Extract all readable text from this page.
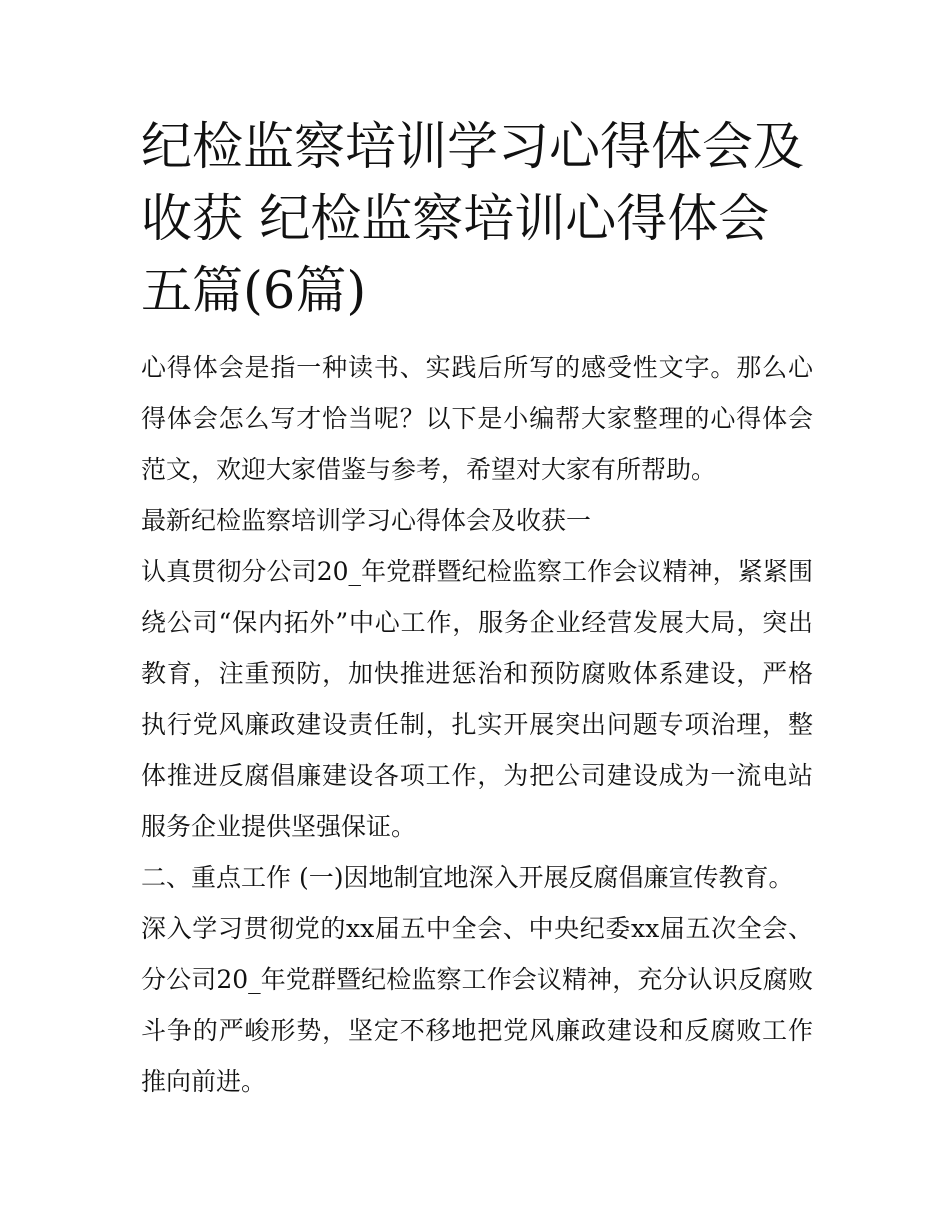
纪检监察培训学习心得体会及收获 纪检监察培训心得体会五篇(6篇)

心得体会是指一种读书、实践后所写的感受性文字。那么心得体会怎么写才恰当呢？以下是小编帮大家整理的心得体会范文，欢迎大家借鉴与参考，希望对大家有所帮助。

最新纪检监察培训学习心得体会及收获一

认真贯彻分公司20_年党群暨纪检监察工作会议精神，紧紧围绕公司“保内拓外”中心工作，服务企业经营发展大局，突出教育，注重预防，加快推进惩治和预防腐败体系建设，严格执行党风廉政建设责任制，扎实开展突出问题专项治理，整体推进反腐倡廉建设各项工作，为把公司建设成为一流电站服务企业提供坚强保证。

二、重点工作 (一)因地制宜地深入开展反腐倡廉宣传教育。

深入学习贯彻党的xx届五中全会、中央纪委xx届五次全会、分公司20_年党群暨纪检监察工作会议精神，充分认识反腐败斗争的严峻形势，坚定不移地把党风廉政建设和反腐败工作推向前进。
